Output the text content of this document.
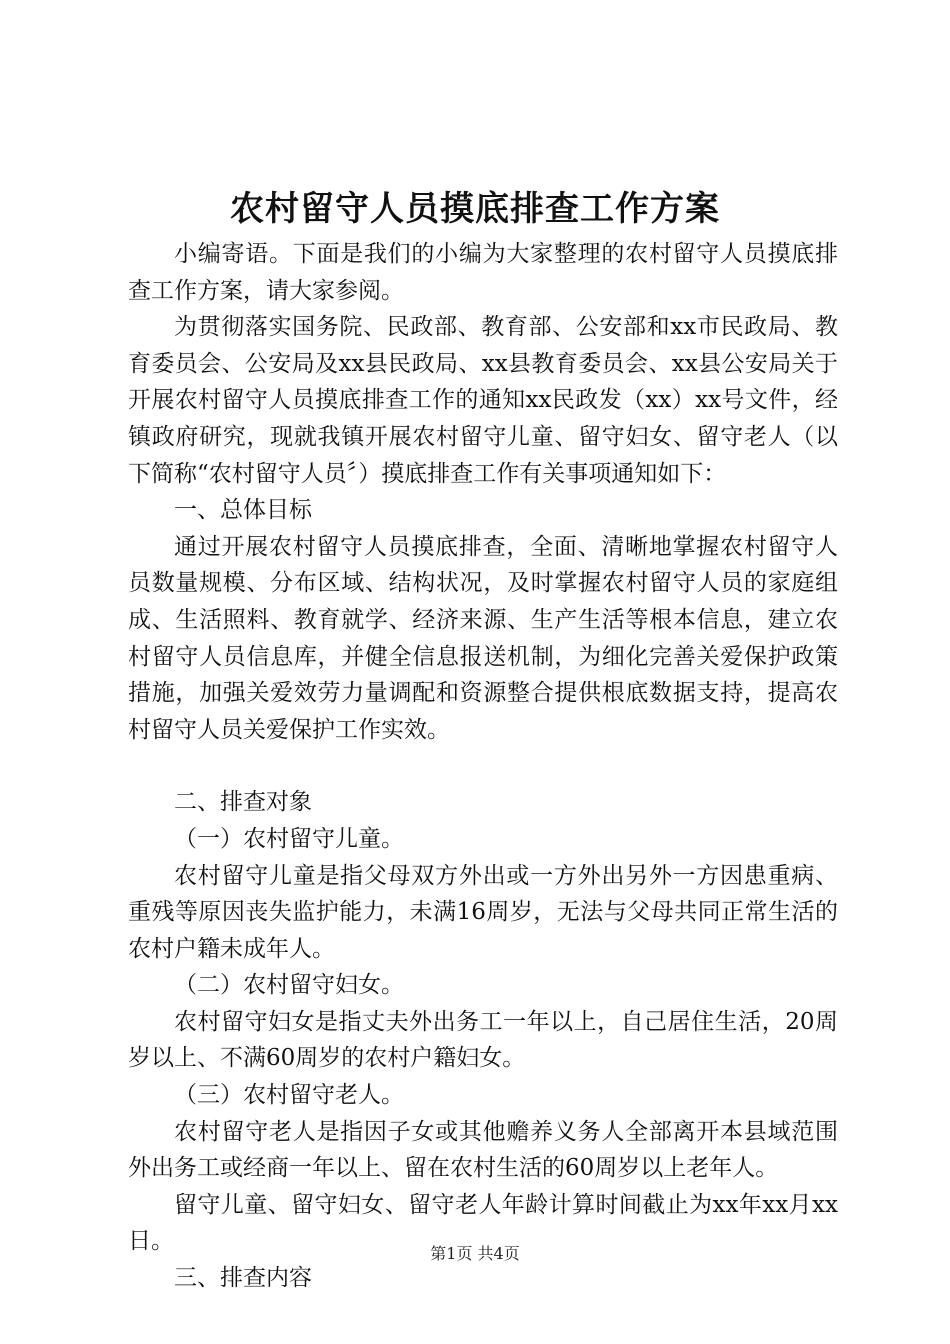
农村留守人员摸底排查工作方案

小编寄语。下面是我们的小编为大家整理的农村留守人员摸底排查工作方案，请大家参阅。

为贯彻落实国务院、民政部、教育部、公安部和xx市民政局、教育委员会、公安局及xx县民政局、xx县教育委员会、xx县公安局关于开展农村留守人员摸底排查工作的通知xx民政发（xx）xx号文件，经镇政府研究，现就我镇开展农村留守儿童、留守妇女、留守老人（以下简称“农村留守人员〞）摸底排查工作有关事项通知如下：

一、总体目标

通过开展农村留守人员摸底排查，全面、清晰地掌握农村留守人员数量规模、分布区域、结构状况，及时掌握农村留守人员的家庭组成、生活照料、教育就学、经济来源、生产生活等根本信息，建立农村留守人员信息库，并健全信息报送机制，为细化完善关爱保护政策措施，加强关爱效劳力量调配和资源整合提供根底数据支持，提高农村留守人员关爱保护工作实效。

二、排查对象

（一）农村留守儿童。

农村留守儿童是指父母双方外出或一方外出另外一方因患重病、重残等原因丧失监护能力，未满16周岁，无法与父母共同正常生活的农村户籍未成年人。

（二）农村留守妇女。

农村留守妇女是指丈夫外出务工一年以上，自己居住生活，20周岁以上、不满60周岁的农村户籍妇女。

（三）农村留守老人。

农村留守老人是指因子女或其他赡养义务人全部离开本县域范围外出务工或经商一年以上、留在农村生活的60周岁以上老年人。

留守儿童、留守妇女、留守老人年龄计算时间截止为xx年xx月xx日。

三、排查内容

第1页 共4页
